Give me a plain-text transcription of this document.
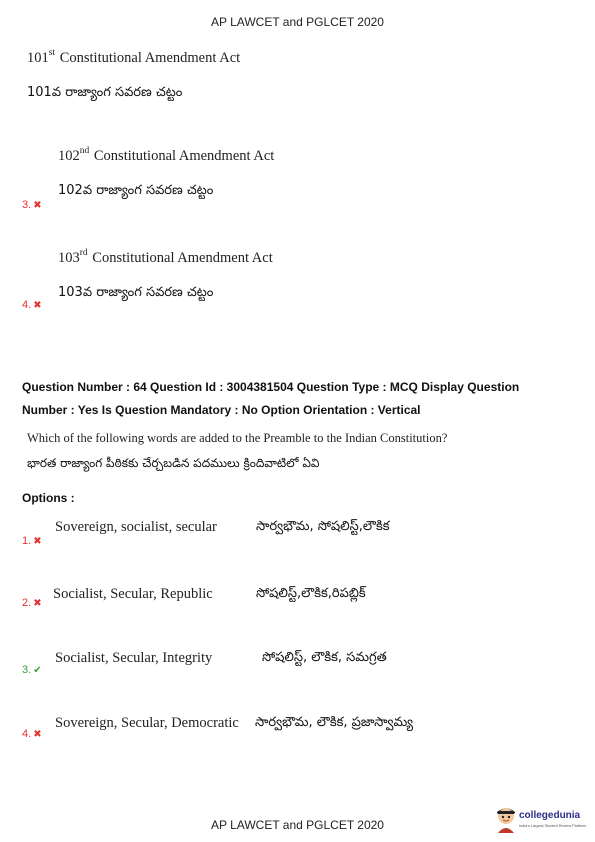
AP LAWCET and PGLCET 2020
101st Constitutional Amendment Act
101వ రాజ్యాంగ సవరణ చట్టం
102nd Constitutional Amendment Act
102వ రాజ్యాంగ సవరణ చట్టం
3. ✖
103rd Constitutional Amendment Act
103వ రాజ్యాంగ సవరణ చట్టం
4. ✖
Question Number : 64 Question Id : 3004381504 Question Type : MCQ Display Question
Number : Yes Is Question Mandatory : No Option Orientation : Vertical
Which of the following words are added to the Preamble to the Indian Constitution?
భారత రాజ్యాంగ పీఠికకు చేర్చబడిన పదములు క్రిందివాటిలో ఏవి
Options :
Sovereign, socialist, secular	సార్వభౌమ, సోషలిస్ట్,లౌకిక
1. ✖
Socialist, Secular, Republic	సోషలిస్ట్,లౌకిక,రిపబ్లిక్
2. ✖
Socialist, Secular, Integrity	సోషలిస్ట్, లౌకిక, సమగ్రత
3. ✔
Sovereign, Secular, Democratic సార్వభౌమ, లౌకిక, ప్రజాస్వామ్య
4. ✖
AP LAWCET and PGLCET 2020
collegedunia
India's Largest Student Review Platform
